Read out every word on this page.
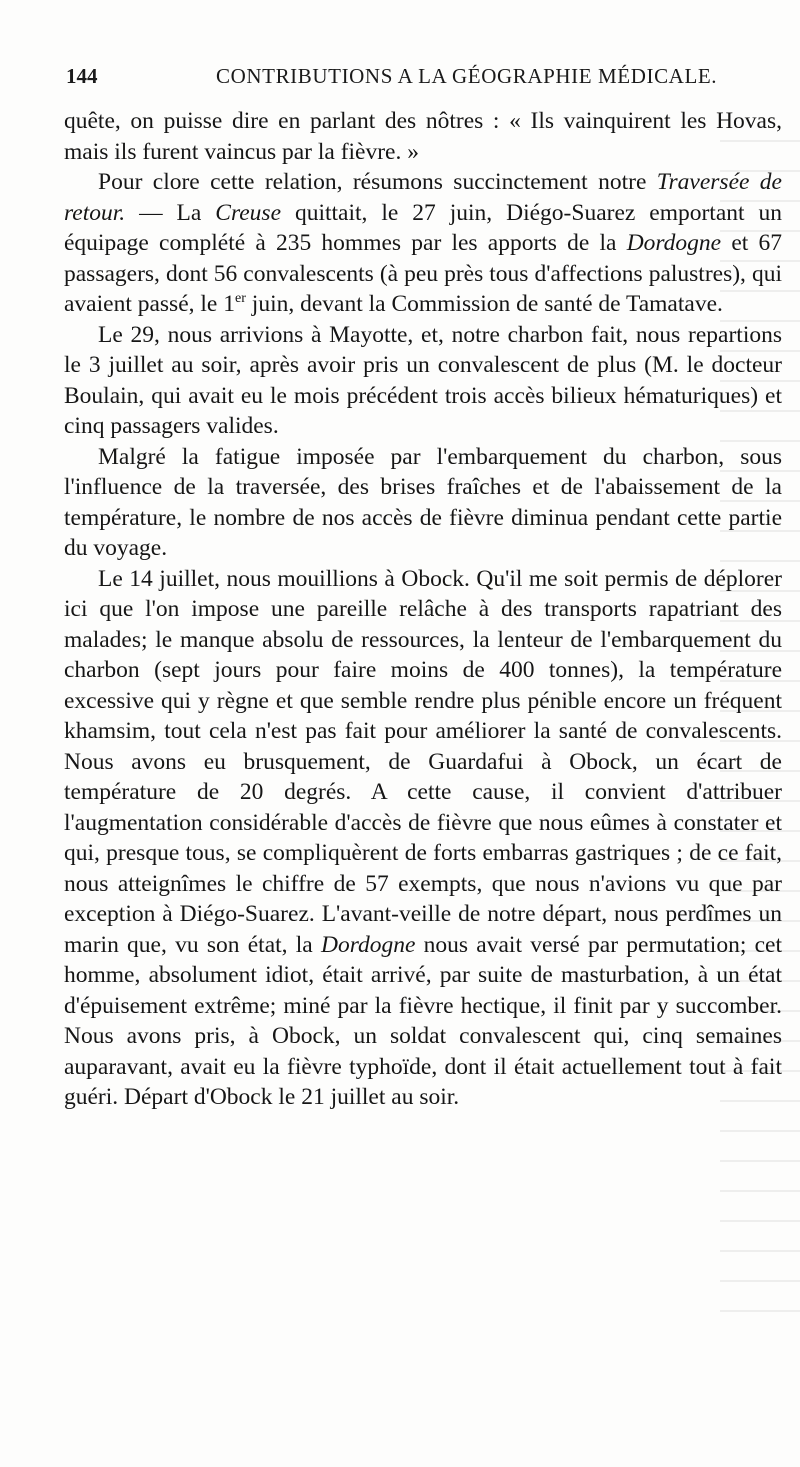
144	CONTRIBUTIONS A LA GÉOGRAPHIE MÉDICALE.

quête, on puisse dire en parlant des nôtres : « Ils vainquirent les Hovas, mais ils furent vaincus par la fièvre. »

Pour clore cette relation, résumons succinctement notre Traversée de retour. — La Creuse quittait, le 27 juin, Diégo-Suarez emportant un équipage complété à 235 hommes par les apports de la Dordogne et 67 passagers, dont 56 convalescents (à peu près tous d'affections palustres), qui avaient passé, le 1er juin, devant la Commission de santé de Tamatave.

Le 29, nous arrivions à Mayotte, et, notre charbon fait, nous repartions le 3 juillet au soir, après avoir pris un convalescent de plus (M. le docteur Boulain, qui avait eu le mois précédent trois accès bilieux hématuriques) et cinq passagers valides.

Malgré la fatigue imposée par l'embarquement du charbon, sous l'influence de la traversée, des brises fraîches et de l'abaissement de la température, le nombre de nos accès de fièvre diminua pendant cette partie du voyage.

Le 14 juillet, nous mouillions à Obock. Qu'il me soit permis de déplorer ici que l'on impose une pareille relâche à des transports rapatriant des malades; le manque absolu de ressources, la lenteur de l'embarquement du charbon (sept jours pour faire moins de 400 tonnes), la température excessive qui y règne et que semble rendre plus pénible encore un fréquent khamsim, tout cela n'est pas fait pour améliorer la santé de convalescents. Nous avons eu brusquement, de Guardafui à Obock, un écart de température de 20 degrés. A cette cause, il convient d'attribuer l'augmentation considérable d'accès de fièvre que nous eûmes à constater et qui, presque tous, se compliquèrent de forts embarras gastriques ; de ce fait, nous atteignîmes le chiffre de 57 exempts, que nous n'avions vu que par exception à Diégo-Suarez. L'avant-veille de notre départ, nous perdîmes un marin que, vu son état, la Dordogne nous avait versé par permutation; cet homme, absolument idiot, était arrivé, par suite de masturbation, à un état d'épuisement extrême; miné par la fièvre hectique, il finit par y succomber. Nous avons pris, à Obock, un soldat convalescent qui, cinq semaines auparavant, avait eu la fièvre typhoïde, dont il était actuellement tout à fait guéri. Départ d'Obock le 21 juillet au soir.
